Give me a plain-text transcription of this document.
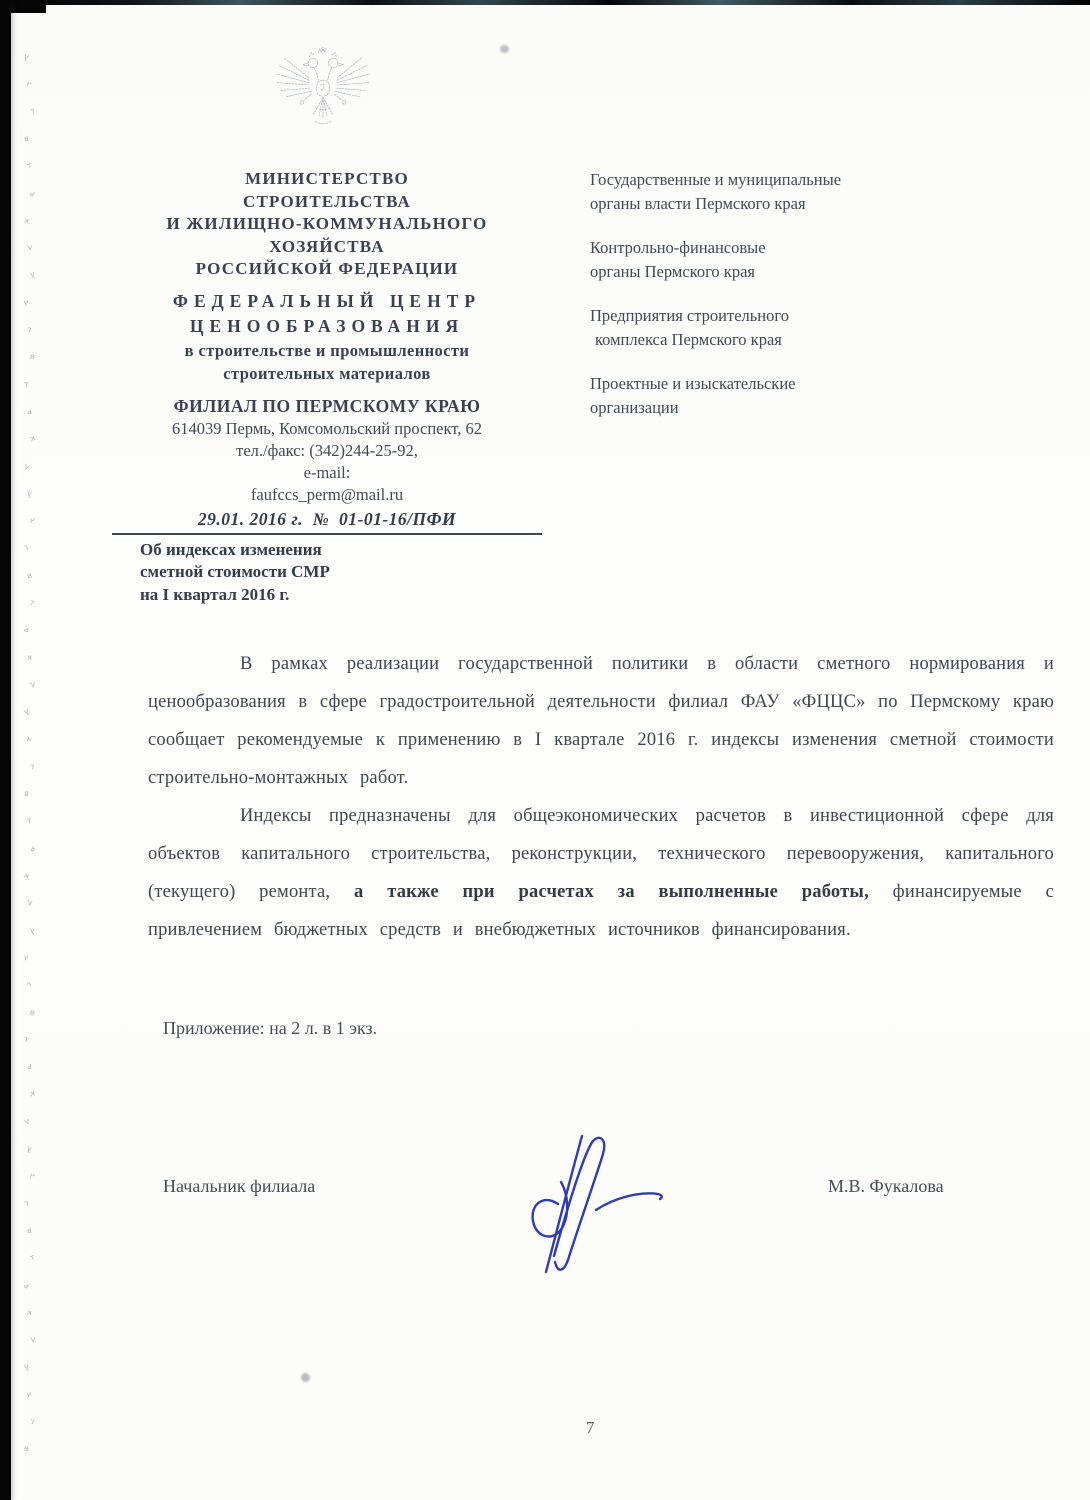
у
ч
г
в
т
ь
к
ѵ
у
ч
г
в
т
ь
к
ѵ
у
ч
г
в
т
ь
к
ѵ
у
ч
г
в
т
ь
к
ѵ
у
ч
г
в
т
ь
к
ѵ
у
ч
г
в
т
ь
к
ѵ
у
ч
г
в
МИНИСТЕРСТВО
СТРОИТЕЛЬСТВА
И ЖИЛИЩНО-КОММУНАЛЬНОГО
ХОЗЯЙСТВА
РОССИЙСКОЙ ФЕДЕРАЦИИ
ФЕДЕРАЛЬНЫЙ ЦЕНТР
ЦЕНООБРАЗОВАНИЯ
в строительстве и промышленности
строительных материалов
ФИЛИАЛ ПО ПЕРМСКОМУ КРАЮ
614039 Пермь, Комсомольский проспект, 62
тел./факс: (342)244-25-92,
e-mail:
faufccs_perm@mail.ru
29.01. 2016 г.  №  01-01-16/ПФИ
Об индексах изменения
сметной стоимости СМР
на I квартал 2016 г.
Государственные и муниципальные
органы власти Пермского края
Контрольно-финансовые
органы Пермского края
Предприятия строительного
комплекса Пермского края
Проектные и изыскательские
организации

В рамках реализации государственной политики в области сметного нормирования и ценообразования в сфере градостроительной деятельности филиал ФАУ «ФЦЦС» по Пермскому краю сообщает рекомендуемые к применению в I квартале 2016 г. индексы изменения сметной стоимости строительно-монтажных работ.

Индексы предназначены для общеэкономических расчетов в инвестиционной сфере для объектов капитального строительства, реконструкции, технического перевооружения, капитального (текущего) ремонта, а также при расчетах за выполненные работы, финансируемые с привлечением бюджетных средств и внебюджетных источников финансирования.

Приложение: на 2 л. в 1 экз.
Начальник филиала	М.В. Фукалова
7
